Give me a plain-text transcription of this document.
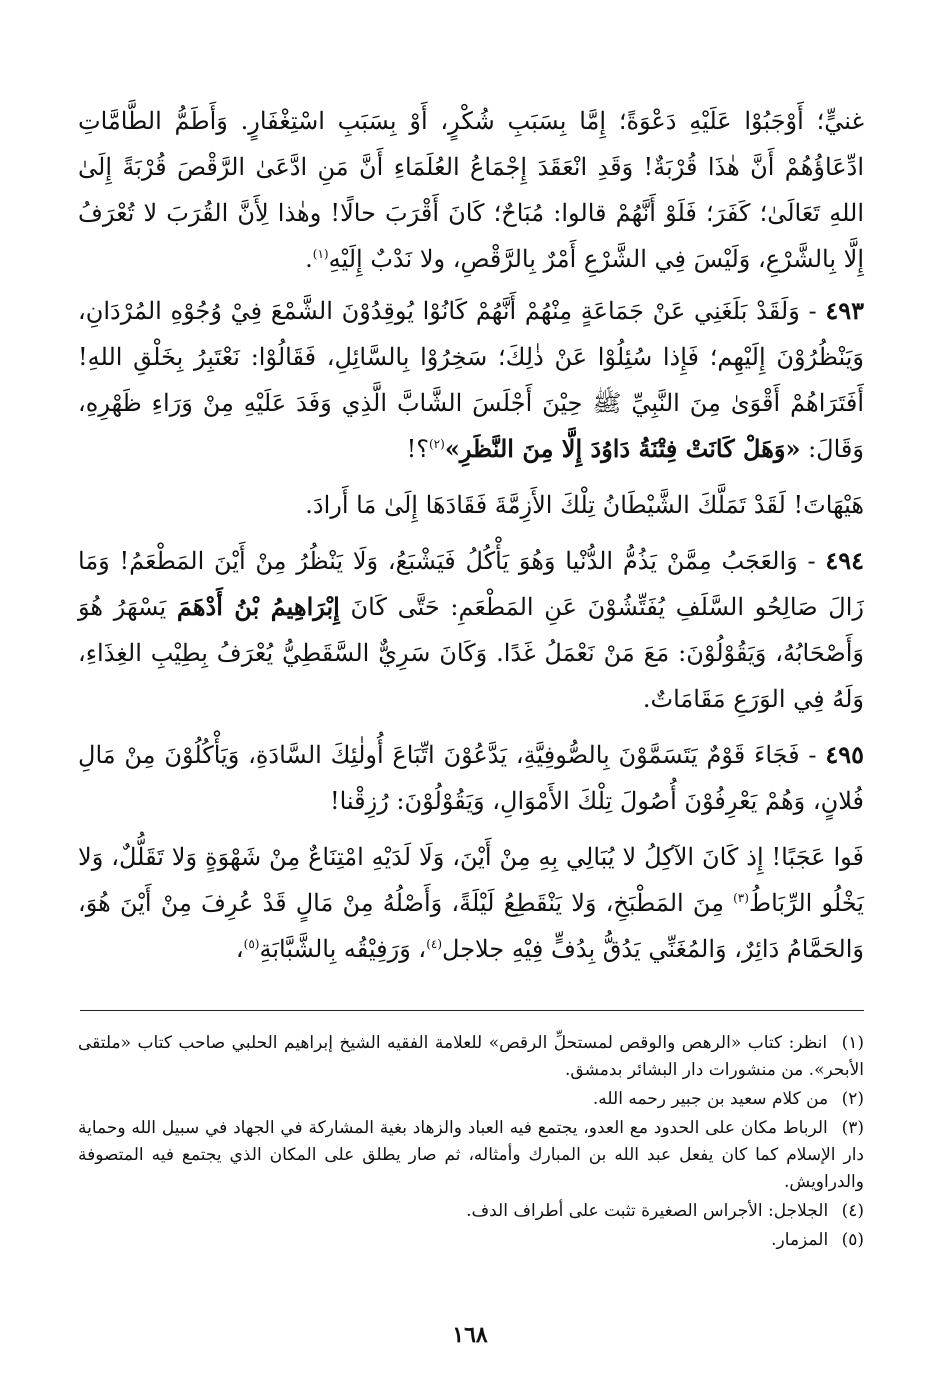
غنيٍّ؛ أَوْجَبُوْا عَلَيْهِ دَعْوَةً؛ إِمَّا بِسَبَبِ شُكْرٍ، أَوْ بِسَبَبِ اسْتِغْفَارٍ. وَأَطَمُّ الطَّامَّاتِ ادِّعَاؤُهُمْ أَنَّ هٰذَا قُرْبَةٌ! وَقَدِ انْعَقَدَ إِجْمَاعُ العُلَمَاءِ أَنَّ مَنِ ادَّعَىٰ الرَّقْصَ قُرْبَةً إِلَىٰ اللهِ تَعَالَىٰ؛ كَفَرَ؛ فَلَوْ أَنَّهُمْ قالوا: مُبَاحٌ؛ كَانَ أَقْرَبَ حالًا! وهٰذا لِأَنَّ القُرَبَ لا تُعْرَفُ إِلَّا بِالشَّرْعِ، وَلَيْسَ فِي الشَّرْعِ أَمْرٌ بِالرَّقْصِ، ولا نَدْبٌ إِلَيْهِ$^{(١)}$.

٤٩٣ - وَلَقَدْ بَلَغَنِي عَنْ جَمَاعَةٍ مِنْهُمْ أَنَّهُمْ كَانُوْا يُوقِدُوْنَ الشَّمْعَ فِيْ وُجُوْهِ المُرْدَانِ، وَيَنْظُرُوْنَ إِلَيْهِم؛ فَإِذا سُئِلُوْا عَنْ ذٰلِكَ؛ سَخِرُوْا بِالسَّائِلِ، فَقَالُوْا: نَعْتَبِرُ بِخَلْقِ اللهِ! أَفَتَرَاهُمْ أَقْوَىٰ مِنَ النَّبِيِّ ﷺ حِيْنَ أَجْلَسَ الشَّابَّ الَّذِي وَفَدَ عَلَيْهِ مِنْ وَرَاءِ ظَهْرِهِ، وَقَالَ: «وَهَلْ كَانَتْ فِتْنَةُ دَاوُدَ إِلَّا مِنَ النَّظَرِ»$^{(٢)}$؟!

هَيْهَاتَ! لَقَدْ تَمَلَّكَ الشَّيْطَانُ تِلْكَ الأَزِمَّةَ فَقَادَهَا إِلَىٰ مَا أَرادَ.

٤٩٤ - وَالعَجَبُ مِمَّنْ يَذُمُّ الدُّنْيا وَهُوَ يَأْكُلُ فَيَشْبَعُ، وَلَا يَنْظُرُ مِنْ أَيْنَ المَطْعَمُ! وَمَا زَالَ صَالِحُو السَّلَفِ يُفَتِّشُوْنَ عَنِ المَطْعَمِ: حَتَّى كَانَ إِبْرَاهِيمُ بْنُ أَدْهَمَ يَسْهَرُ هُوَ وَأَصْحَابُهُ، وَيَقُوْلُوْنَ: مَعَ مَنْ نَعْمَلُ غَدًا. وَكَانَ سَرِيٌّ السَّقَطِيُّ يُعْرَفُ بِطِيْبِ الغِذَاءِ، وَلَهُ فِي الوَرَعِ مَقَامَاتٌ.

٤٩٥ - فَجَاءَ قَوْمٌ يَتَسَمَّوْنَ بِالصُّوفِيَّةِ، يَدَّعُوْنَ اتِّبَاعَ أُولٰئِكَ السَّادَةِ، وَيَأْكُلُوْنَ مِنْ مَالِ فُلانٍ، وَهُمْ يَعْرِفُوْنَ أُصُولَ تِلْكَ الأَمْوَالِ، وَيَقُوْلُوْنَ: رُزِقْنا!

فَوا عَجَبًا! إِذ كَانَ الآكِلُ لا يُبَالِي بِهِ مِنْ أَيْنَ، وَلَا لَدَيْهِ امْتِنَاعٌ مِنْ شَهْوَةٍ وَلا تَقَلُّلٌ، وَلا يَخْلُو الرِّبَاطُ$^{(٣)}$ مِنَ المَطْبَخِ، وَلا يَنْقَطِعُ لَيْلَةً، وَأَصْلُهُ مِنْ مَالٍ قَدْ عُرِفَ مِنْ أَيْنَ هُوَ، وَالحَمَّامُ دَائِرٌ، وَالمُغَنِّي يَدُقُّ بِدُفٍّ فِيْهِ جلاجل$^{(٤)}$، وَرَفِيْقُه بِالشَّبَّابَةِ$^{(٥)}$،

(١) انظر: كتاب «الرهص والوقص لمستحلِّ الرقص» للعلامة الفقيه الشيخ إبراهيم الحلبي صاحب كتاب «ملتقى الأبحر». من منشورات دار البشائر بدمشق.

(٢) من كلام سعيد بن جبير رحمه الله.

(٣) الرباط مكان على الحدود مع العدو، يجتمع فيه العباد والزهاد بغية المشاركة في الجهاد في سبيل الله وحماية دار الإسلام كما كان يفعل عبد الله بن المبارك وأمثاله، ثم صار يطلق على المكان الذي يجتمع فيه المتصوفة والدراويش.

(٤) الجلاجل: الأجراس الصغيرة تثبت على أطراف الدف.

(٥) المزمار.

١٦٨
